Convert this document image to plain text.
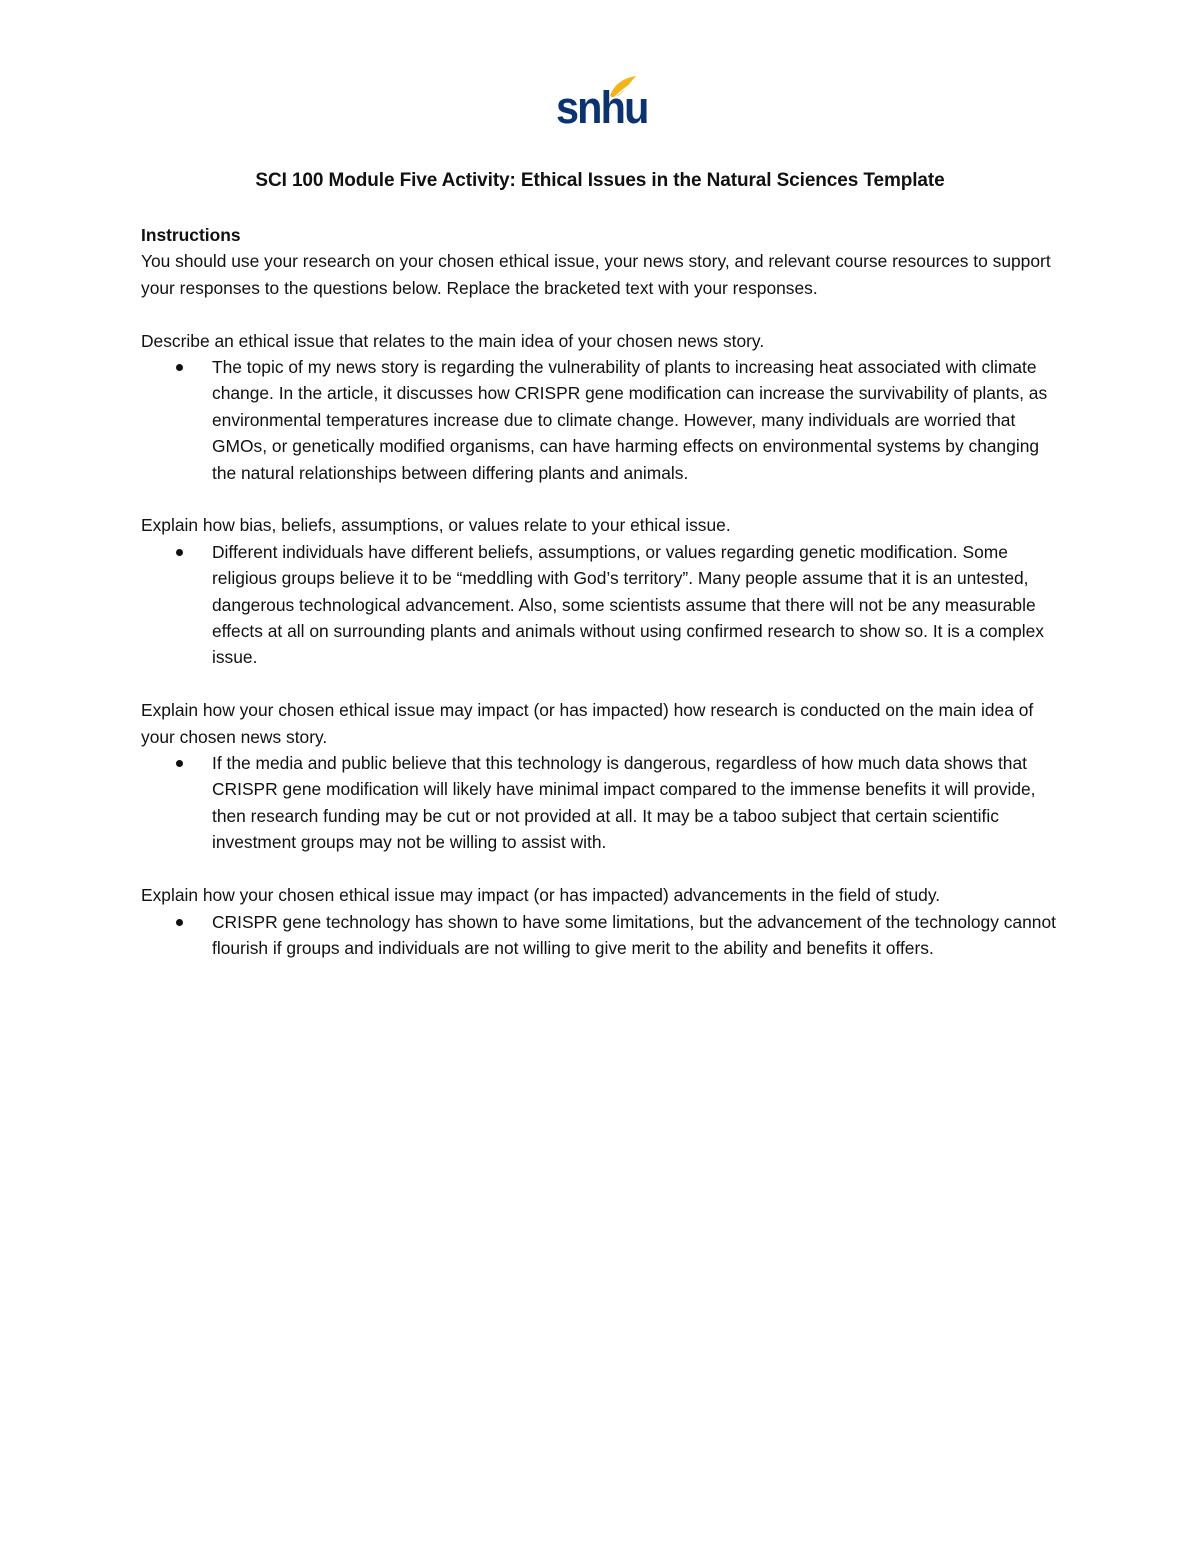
snhu
SCI 100 Module Five Activity: Ethical Issues in the Natural Sciences Template

Instructions

You should use your research on your chosen ethical issue, your news story, and relevant course resources to support your responses to the questions below. Replace the bracketed text with your responses.

Describe an ethical issue that relates to the main idea of your chosen news story.

The topic of my news story is regarding the vulnerability of plants to increasing heat associated with climate change. In the article, it discusses how CRISPR gene modification can increase the survivability of plants, as environmental temperatures increase due to climate change. However, many individuals are worried that GMOs, or genetically modified organisms, can have harming effects on environmental systems by changing the natural relationships between differing plants and animals.

Explain how bias, beliefs, assumptions, or values relate to your ethical issue.

Different individuals have different beliefs, assumptions, or values regarding genetic modification. Some religious groups believe it to be “meddling with God’s territory”. Many people assume that it is an untested, dangerous technological advancement. Also, some scientists assume that there will not be any measurable effects at all on surrounding plants and animals without using confirmed research to show so. It is a complex issue.

Explain how your chosen ethical issue may impact (or has impacted) how research is conducted on the main idea of your chosen news story.

If the media and public believe that this technology is dangerous, regardless of how much data shows that CRISPR gene modification will likely have minimal impact compared to the immense benefits it will provide, then research funding may be cut or not provided at all. It may be a taboo subject that certain scientific investment groups may not be willing to assist with.

Explain how your chosen ethical issue may impact (or has impacted) advancements in the field of study.

CRISPR gene technology has shown to have some limitations, but the advancement of the technology cannot flourish if groups and individuals are not willing to give merit to the ability and benefits it offers.
